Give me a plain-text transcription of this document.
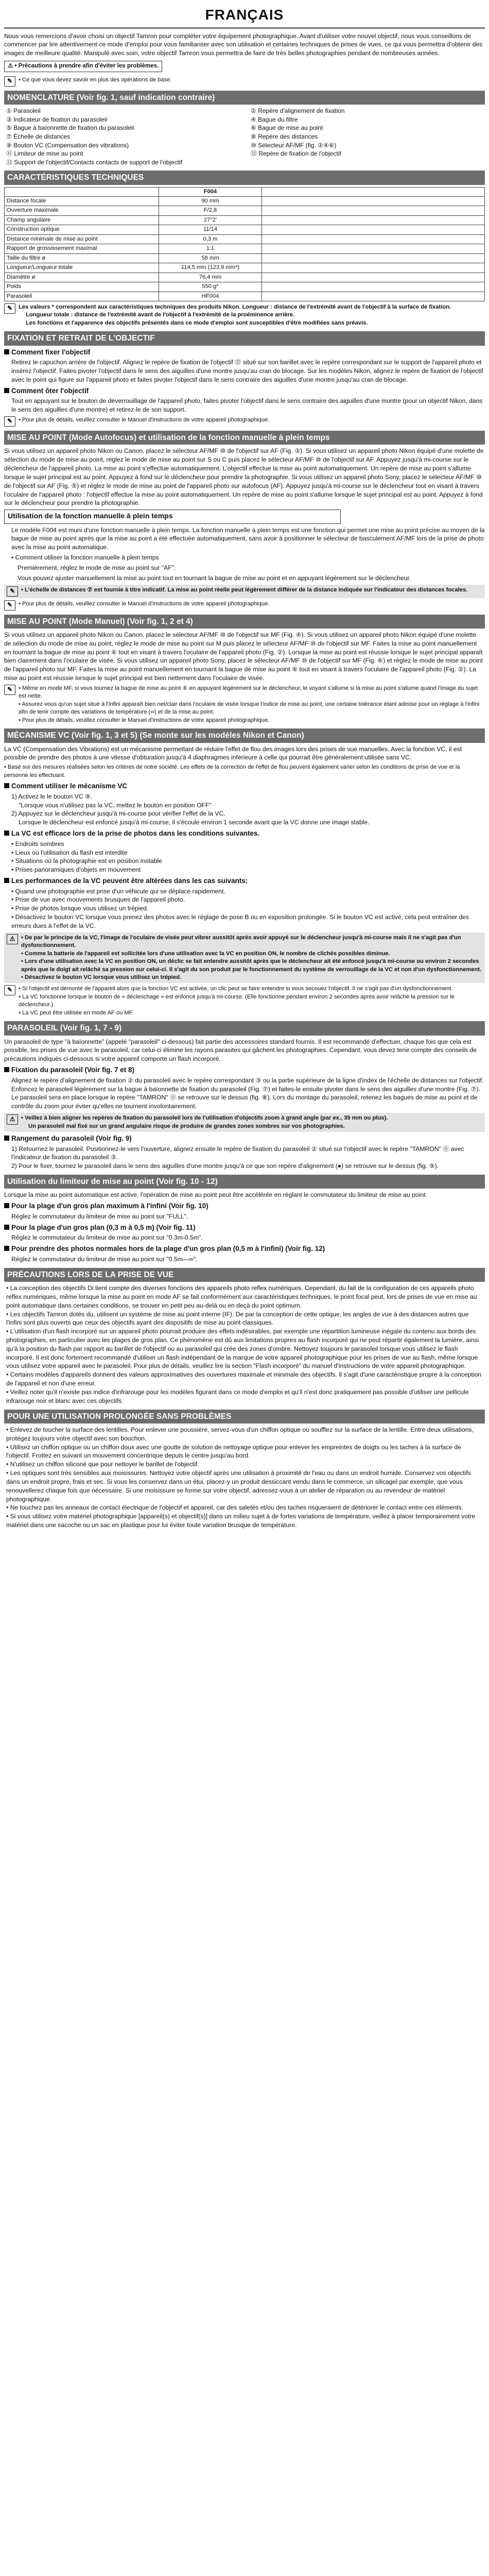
FRANÇAIS

Nous vous remercions d'avoir choisi un objectif Tamron pour compléter votre équipement photographique. Avant d'utiliser votre nouvel objectif, nous vous conseillons de commencer par lire attentivement ce mode d'emploi pour vous familiariser avec son utilisation et certaines techniques de prises de vues, ce qui vous permettra d'obtenir des images de meilleure qualité. Manipulé avec soin, votre objectif Tamron vous permettra de faire de très belles photographies pendant de nombreuses années.

⚠ • Précautions à prendre afin d'éviter les problèmes.
✎	• Ce que vous devez savoir en plus des opérations de base.
NOMENCLATURE (Voir fig. 1, sauf indication contraire)
① Parasoleil
③ Indicateur de fixation du parasoleil
⑤ Bague à baïonnette de fixation du parasoleil
⑦ Échelle de distances
⑨ Bouton VC (Compensation des vibrations)
⑪ Limiteur de mise au point
⑬ Support de l'objectif/Contacts contacts de support de l'objectif
② Repère d'alignement de fixation
④ Bague du filtre
⑥ Bague de mise au point
⑧ Repère des distances
⑩ Sélecteur AF/MF (fig. ②④⑥)
⑫ Repère de fixation de l'objectif
CARACTÉRISTIQUES TECHNIQUES
	F004	
Distance focale	90 mm	
Ouverture maximale	F/2,8	
Champ angulaire	27°2'	
Construction optique	11/14	
Distance minimale de mise au point	0,3 m	
Rapport de grossissement maximal	1:1	
Taille du filtre ø	58 mm	
Longueur/Longueur totale	114,5 mm (123,9 mm*)	
Diamètre ø	76,4 mm	
Poids	550 g*	
Parasoleil	HF004	
✎	Les valeurs * correspondent aux caractéristiques techniques des produits Nikon. Longueur : distance de l'extrémité avant de l'objectif à la surface de fixation.
Longueur totale : distance de l'extrémité avant de l'objectif à l'extrémité de la proéminence arrière.
Les fonctions et l'apparence des objectifs présentés dans ce mode d'emploi sont susceptibles d'être modifiées sans préavis.
FIXATION ET RETRAIT DE L'OBJECTIF
Comment fixer l'objectif

Retirez le capuchon arrière de l'objectif. Alignez le repère de fixation de l'objectif ⑫ situé sur son barillet avec le repère correspondant sur le support de l'appareil photo et insérez l'objectif. Faites pivoter l'objectif dans le sens des aiguilles d'une montre jusqu'au cran de blocage. Sur les modèles Nikon, alignez le repère de fixation de l'objectif avec le point qui figure sur l'appareil photo et faites pivoter l'objectif dans le sens contraire des aiguilles d'une montre jusqu'au cran de blocage.

Comment ôter l'objectif

Tout en appuyant sur le bouton de déverrouillage de l'appareil photo, faites pivoter l'objectif dans le sens contraire des aiguilles d'une montre (pour un objectif Nikon, dans le sens des aiguilles d'une montre) et retirez-le de son support.

✎	• Pour plus de détails, veuillez consulter le Manuel d'instructions de votre appareil photographique.
MISE AU POINT (Mode Autofocus) et utilisation de la fonction manuelle à plein temps

Si vous utilisez un appareil photo Nikon ou Canon, placez le sélecteur AF/MF ⑩ de l'objectif sur AF (Fig. ③). Si vous utilisez un appareil photo Nikon équipé d'une molette de sélection du mode de mise au point, réglez le mode de mise au point sur S ou C puis placez le sélecteur AF/MF ⑩ de l'objectif sur AF. Appuyez jusqu'à mi-course sur le déclencheur de l'appareil photo. La mise au point s'effectue automatiquement. L'objectif effectue la mise au point automatiquement. Un repère de mise au point s'allume lorsque le sujet principal est au point. Appuyez à fond sur le déclencheur pour prendre la photographie. Si vous utilisez un appareil photo Sony, placez le sélecteur AF/MF ⑩ de l'objectif sur AF (Fig. ⑤) et réglez le mode de mise au point de l'appareil photo sur autofocus (AF). Appuyez jusqu'à mi-course sur le déclencheur tout en visant à travers l'oculaire de l'appareil photo : l'objectif effectue la mise au point automatiquement. Un repère de mise au point s'allume lorsque le sujet principal est au point. Appuyez à fond sur le déclencheur pour prendre la photographie.

Utilisation de la fonction manuelle à plein temps

Le modèle F004 est muni d'une fonction manuelle à plein temps. La fonction manuelle à plein temps est une fonction qui permet une mise au point précise au moyen de la bague de mise au point après que la mise au point a été effectuée automatiquement, sans avoir à positionner le sélecteur de basculement AF/MF lors de la prise de photo avec la mise au point automatique.

• Comment utiliser la fonction manuelle à plein temps

Premièrement, réglez le mode de mise au point sur "AF".

Vous pouvez ajuster manuellement la mise au point tout en tournant la bague de mise au point et en appuyant légèrement sur le déclencheur.

✎	• L'échelle de distances ⑦ est fournie à titre indicatif. La mise au point réelle peut légèrement différer de la distance indiquée sur l'indicateur des distances focales.
✎	• Pour plus de détails, veuillez consulter le Manuel d'instructions de votre appareil photographique.
MISE AU POINT (Mode Manuel) (Voir fig. 1, 2 et 4)

Si vous utilisez un appareil photo Nikon ou Canon, placez le sélecteur AF/MF ⑩ de l'objectif sur MF (Fig. ④). Si vous utilisez un appareil photo Nikon équipé d'une molette de sélection du mode de mise au point, réglez le mode de mise au point sur M puis placez le sélecteur AF/MF ⑩ de l'objectif sur MF. Faites la mise au point manuellement en tournant la bague de mise au point ⑥ tout en visant à travers l'oculaire de l'appareil photo (Fig. ②). Lorsque la mise au point est réussie lorsque le sujet principal apparaît bien clairement dans l'oculaire de visée. Si vous utilisez un appareil photo Sony, placez le sélecteur AF/MF ⑩ de l'objectif sur MF (Fig. ⑥) et réglez le mode de mise au point de l'appareil photo sur MF. Faites la mise au point manuellement en tournant la bague de mise au point ⑥ tout en visant à travers l'oculaire de l'appareil photo (Fig. ②). La mise au point est réussie lorsque le sujet principal est bien nettement dans l'oculaire de visée.

✎	• Même en mode MF, si vous tournez la bague de mise au point ⑥ en appuyant légèrement sur le déclencheur, le voyant s'allume si la mise au point s'allume quand l'image du sujet est nette.
• Assurez-vous qu'un sujet situé à l'infini apparaît bien net/clair dans l'oculaire de visée lorsque l'indice de mise au point, une certaine tolérance étant admise pour un réglage à l'infini afin de tenir compte des variations de température (∞) et de la mise au point.
• Pour plus de détails, veuillez consulter le Manuel d'instructions de votre appareil photographique.
MÉCANISME VC (Voir fig. 1, 3 et 5) (Se monte sur les modèles Nikon et Canon)

La VC (Compensation des Vibrations) est un mécanisme permettant de réduire l'effet de flou des images lors des prises de vue manuelles. Avec la fonction VC, il est possible de prendre des photos à une vitesse d'obturation jusqu'à 4 diaphragmes inférieure à celle qui pourrait être généralement utilisée sans VC.

• Basé sur des mesures réalisées selon les critères de notre société. Les effets de la correction de l'effet de flou peuvent également varier selon les conditions de prise de vue et la personne les effectuant.

Comment utiliser le mécanisme VC
1) Activez le le bouton VC ⑨.
"Lorsque vous n'utilisez pas la VC, mettez le bouton en position OFF"
2) Appuyez sur le déclencheur jusqu'à mi-course pour vérifier l'effet de la VC.
Lorsque le déclencheur est enfoncé jusqu'à mi-course, il s'écoule environ 1 seconde avant que la VC donne une image stable.
La VC est efficace lors de la prise de photos dans les conditions suivantes.
• Endroits sombres
• Lieux où l'utilisation du flash est interdite
• Situations où la photographie est en position instable
• Prises panoramiques d'objets en mouvement
Les performances de la VC peuvent être altérées dans les cas suivants:
• Quand une photographie est prise d'un véhicule qui se déplace rapidement.
• Prise de vue avec mouvements brusques de l'appareil photo.
• Prise de photos lorsque vous utilisez un trépied.
• Désactivez le bouton VC lorsque vous prenez des photos avec le réglage de pose B ou en exposition prolongée. Si le bouton VC est activé, cela peut entraîner des erreurs dues à l'effet de la VC.
⚠	• De par le principe de la VC, l'image de l'oculaire de visée peut vibrer aussitôt après avoir appuyé sur le déclencheur jusqu'à mi-course mais il ne s'agit pas d'un dysfonctionnement.
• Comme la batterie de l'appareil est sollicitée lors d'une utilisation avec la VC en position ON, le nombre de clichés possibles diminue.
• Lors d'une utilisation avec la VC en position ON, un déclic se fait entendre aussitôt après que le déclencheur ait été enfoncé jusqu'à mi-course ou environ 2 secondes après que le doigt ait relâché sa pression sur celui-ci. Il s'agit du son produit par le fonctionnement du système de verrouillage de la VC et non d'un dysfonctionnement.
• Désactivez le bouton VC lorsque vous utilisez un trépied.
✎	• Si l'objectif est démonté de l'appareil alors que la fonction VC est activée, un clic peut se faire entendre si vous secouez l'objectif. Il ne s'agit pas d'un dysfonctionnement.
• La VC fonctionne lorsque le bouton de « déclenchage » est enfoncé jusqu'à mi-course. (Elle fonctionne pendant environ 2 secondes après avoir relâché la pression sur le déclencheur.)
• La VC peut être utilisée en mode AF ou MF.
PARASOLEIL (Voir fig. 1, 7 - 9)

Un parasoleil de type "à baïonnette" (appelé "parasoleil" ci-dessous) fait partie des accessoires standard fournis. Il est recommandé d'effectuer, chaque fois que cela est possible, les prises de vue avec le parasoleil, car celui-ci élimine les rayons parasites qui gâchent les photographies. Cependant, vous devez tenir compte des conseils de précautions indiqués ci-dessous si votre appareil comporte un flash incorporé.

Fixation du parasoleil (Voir fig. 7 et 8)

Alignez le repère d'alignement de fixation ② du parasoleil avec le repère correspondant ③ ou la partie supérieure de la ligne d'index de l'échelle de distances sur l'objectif. Enfoncez le parasoleil légèrement sur la bague à baïonnette de fixation du parasoleil (Fig. ⑦) et faites-le ensuite pivoter dans le sens des aiguilles d'une montre (Fig. ⑦). Le parasoleil sera en place lorsque le repère "TAMRON" ⓪ se retrouve sur le dessus (fig. ⑧). Lors du montage du parasoleil, retenez les bagues de mise au point et de contrôle du zoom pour éviter qu'elles ne tournent involontairement.

⚠	• Veillez à bien aligner les repères de fixation du parasoleil lors de l'utilisation d'objectifs zoom à grand angle (par ex., 35 mm ou plus).
Un parasoleil mal fixé sur un grand angulaire risque de produire de grandes zones sombres sur vos photographies.
Rangement du parasoleil (Voir fig. 9)
1) Retournez le parasoleil. Positionnez-le vers l'ouverture, alignez ensuite le repère de fixation du parasoleil ② situé sur l'objectif avec le repère "TAMRON" ⓪ avec l'indicateur de fixation du parasoleil ③.
2) Pour le fixer, tournez le parasoleil dans le sens des aiguilles d'une montre jusqu'à ce que son repère d'alignement (●) se retrouve sur le dessus (fig. ⑨).
Utilisation du limiteur de mise au point (Voir fig. 10 - 12)

Lorsque la mise au point automatique est active, l'opération de mise au point peut être accélérée en réglant le commutateur du limiteur de mise au point.

Pour la plage d'un gros plan maximum à l'infini (Voir fig. 10)

Réglez le commutateur du limiteur de mise au point sur "FULL".

Pour la plage d'un gros plan (0,3 m à 0,5 m) (Voir fig. 11)

Réglez le commutateur du limiteur de mise au point sur "0.3m-0.5m".

Pour prendre des photos normales hors de la plage d'un gros plan (0,5 m à l'infini) (Voir fig. 12)

Réglez le commutateur du limiteur de mise au point sur "0.5m—∞".

PRÉCAUTIONS LORS DE LA PRISE DE VUE
• La conception des objectifs Di tient compte des diverses fonctions des appareils photo reflex numériques. Cependant, du fait de la configuration de ces appareils photo reflex numériques, même lorsque la mise au point en mode AF se fait conformément aux caractéristiques techniques, le point focal peut, lors de prises de vue en mise au point automatique dans certaines conditions, se trouver en petit peu au-delà ou en deçà du point optimum.
• Les objectifs Tamron dotés du, utilisent un système de mise au point interne (IF). De par la conception de cette optique, les angles de vue à des distances autres que l'infini sont plus ouverts que ceux des objectifs ayant des dispositifs de mise au point classiques.
• L'utilisation d'un flash incorporé sur un appareil photo pourrait produire des effets indésirables, par exemple une répartition lumineuse inégale du contenu aux bords des photographies, en particulier avec les plages de gros plan. Ce phénomène est dû aux limitations propres au flash incorporé qui ne peut répartir également la lumière, ainsi qu'à la position du flash par rapport au barillet de l'objectif ou au parasoleil qui crée des zones d'ombre. Nettoyez toujours le parasoleil lorsque vous utilisez le flash incorporé. Il est donc fortement recommandé d'utiliser un flash indépendant de la marque de votre appareil photographique pour les prises de vue au flash, même lorsque vous utilisez votre appareil avec le parasoleil. Pour plus de détails, veuillez lire la section "Flash incorporé" du manuel d'instructions de votre appareil photographique.
• Certains modèles d'appareils donnent des valeurs approximatives des ouvertures maximale et minimale des objectifs. Il s'agit d'une caractéristique propre à la conception de l'appareil et non d'une erreur.
• Veillez noter qu'il n'existe pas indice d'infrarouge pour les modèles figurant dans ce mode d'emploi et qu'il n'est donc pratiquement pas possible d'utiliser une pellicule infrarouge noir et blanc avec ces objectifs.
POUR UNE UTILISATION PROLONGÉE SANS PROBLÈMES
• Enlevez de toucher la surface des lentilles. Pour enlever une poussière, servez-vous d'un chiffon optique ou soufflez sur la surface de la lentille. Entre deux utilisations, protégez toujours votre objectif avec son bouchon.
• Utilisez un chiffon optique ou un chiffon doux avec une goutte de solution de nettoyage optique pour enlever les empreintes de doigts ou les taches à la surface de l'objectif. Frottez en suivant un mouvement concentrique depuis le centre jusqu'au bord.
• N'utilisez un chiffon siliconé que pour nettoyer le barillet de l'objectif.
• Les optiques sont très sensibles aux moisissures. Nettoyez votre objectif après une utilisation à proximité de l'eau ou dans un endroit humide. Conservez vos objectifs dans un endroit propre, frais et sec. Si vous les conservez dans un étui, placez-y un produit dessiccant vendu dans le commerce, un silicagel par exemple, que vous renouvellerez chaque fois que nécessaire. Si une moisissure se forme sur votre objectif, adressez-vous à un atelier de réparation ou au revendeur de matériel photographique.
• Ne touchez pas les anneaux de contact électrique de l'objectif et appareil, car des saletés et/ou des taches risqueraient de détériorer le contact entre ces éléments.
• Si vous utilisez votre matériel photographique [appareil(s) et objectif(s)] dans un milieu sujet à de fortes variations de température, veillez à placer temporairement votre matériel dans une sacoche ou un sac en plastique pour lui éviter toute variation brusque de température.
